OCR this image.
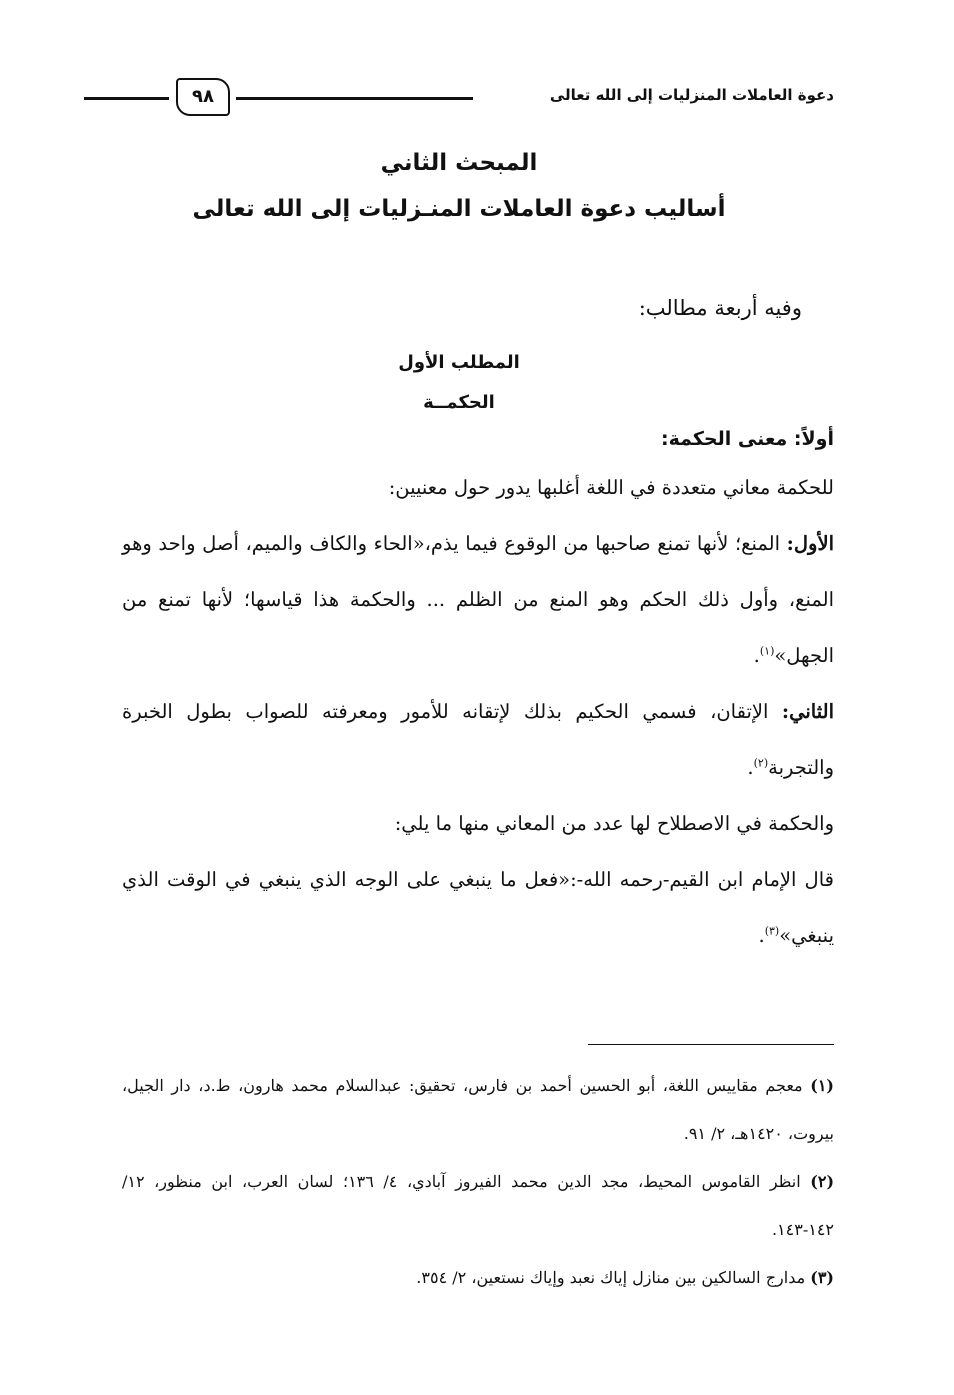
دعوة العاملات المنزليات إلى الله تعالى
٩٨
المبحث الثاني
أساليب دعوة العاملات المنـزليات إلى الله تعالى
وفيه أربعة مطالب:
المطلب الأول
الحكمــة
أولاً: معنى الحكمة:

للحكمة معاني متعددة في اللغة أغلبها يدور حول معنيين:

الأول: المنع؛ لأنها تمنع صاحبها من الوقوع فيما يذم،«الحاء والكاف والميم، أصل واحد وهو المنع، وأول ذلك الحكم وهو المنع من الظلم ... والحكمة هذا قياسها؛ لأنها تمنع من الجهل»$^{(١)}$.

الثاني: الإتقان، فسمي الحكيم بذلك لإتقانه للأمور ومعرفته للصواب بطول الخبرة والتجربة$^{(٢)}$.

والحكمة في الاصطلاح لها عدد من المعاني منها ما يلي:

قال الإمام ابن القيم-رحمه الله-:«فعل ما ينبغي على الوجه الذي ينبغي في الوقت الذي ينبغي»$^{(٣)}$.

(١) معجم مقاييس اللغة، أبو الحسين أحمد بن فارس، تحقيق: عبدالسلام محمد هارون، ط.د، دار الجيل، بيروت، ١٤٢٠هـ، ٢/ ٩١.

(٢) انظر القاموس المحيط، مجد الدين محمد الفيروز آبادي، ٤/ ١٣٦؛ لسان العرب، ابن منظور، ١٢/ ١٤٢-١٤٣.

(٣) مدارج السالكين بين منازل إياك نعبد وإياك نستعين، ٢/ ٣٥٤.
